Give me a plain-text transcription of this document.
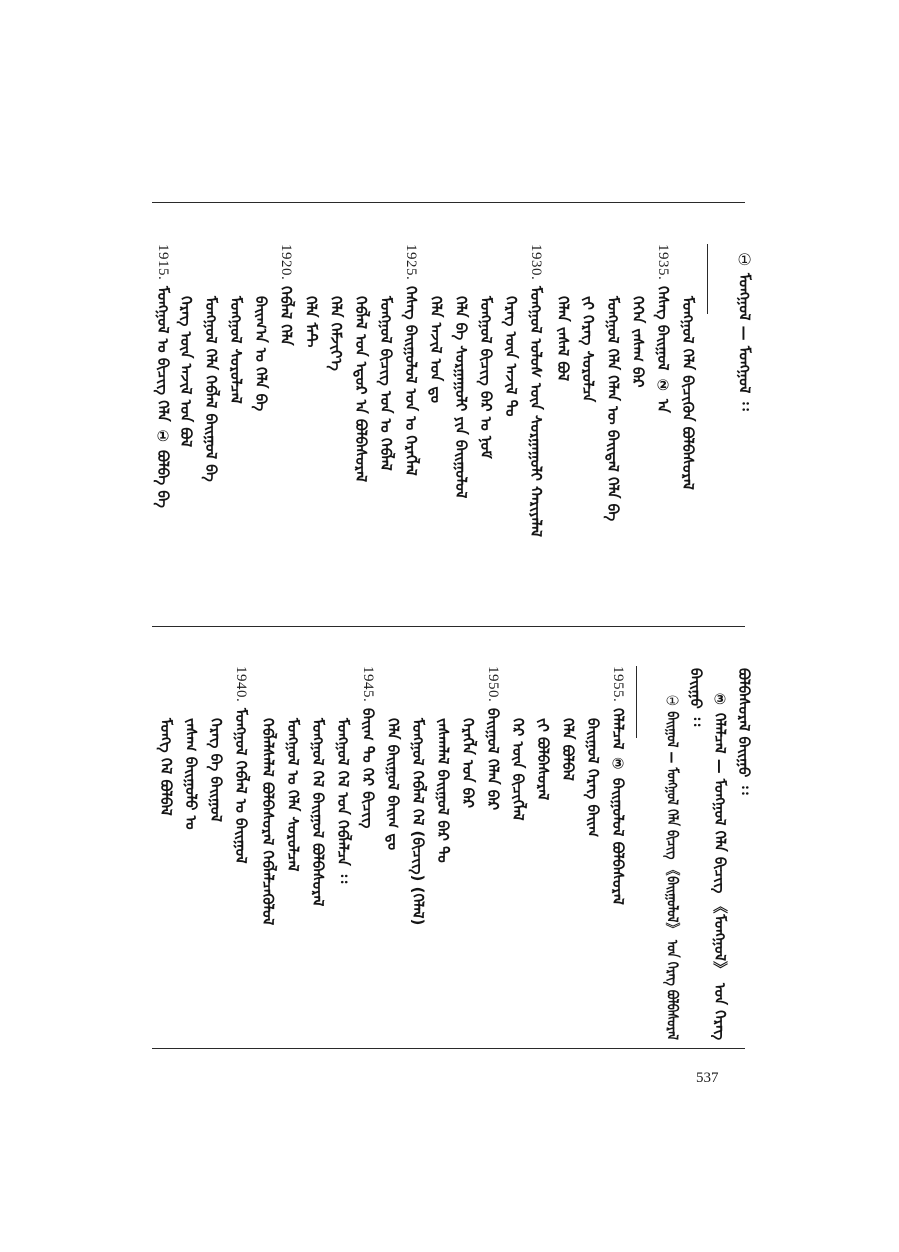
537
①
ᠮᠣᠩᠭᠣᠯ — ᠮᠣᠩᠭᠣᠯ ᠄᠄
ᠮᠣᠩᠭᠣᠯ ᠬᠡᠯᠡ ᠪᠢᠴᠢᠭ᠌ᠦᠨ ᠪᠣᠯᠪᠠᠰᠤᠷᠠᠯ
1935.
ᠬᠡᠰᠡᠭ ᠪᠠᠢᠭᠤᠯ ② ᠠ
ᠬᠡᠭᠡᠨ ᠵᠠᠰᠠᠭ ᠪᠠᠷ
ᠮᠣᠩᠭᠣᠯ ᠬᠡᠯᠡ ᠬᠡᠯᠡᠨ ᠦ ᠪᠠᠢᠳᠠᠯ ᠬᠡᠯᠡ ᠪᠡ
ᠵᠢ ᠬᠡᠷᠡᠭ ᠰᠤᠷᠤᠯᠴᠠ
ᠬᠡᠯᠡᠨ ᠵᠠᠰᠠᠯ ᠪᠣᠯ
1930.
ᠮᠣᠩᠭᠣᠯ ᠤᠯᠤᠰ ᠦᠨ ᠰᠤᠷᠭᠠᠭᠤᠯᠢ ᠬᠠᠷᠢᠶᠠᠯᠠᠯ
ᠬᠡᠷᠡᠭ ᠦᠨ ᠠᠵᠢᠯ ᠲᠤ
ᠮᠣᠩᠭᠣᠯ ᠪᠢᠴᠢᠭ ᠪᠠᠷ ᠤ ᠨᠣᠮ
ᠬᠡᠯᠡ ᠪᠡ ᠰᠤᠷᠭᠠᠭᠤᠯᠢ ᠶᠢᠨ ᠪᠠᠢᠭᠤᠯᠤᠯ
ᠬᠡᠯᠡ ᠠᠵᠢᠯ ᠤᠨ ᠳᠤ
1925.
ᠬᠡᠰᠡᠭ ᠪᠠᠢᠭᠤᠯᠤᠯ ᠤᠨ ᠤ ᠬᠡᠷᠡᠭᠯᠡᠯ
ᠮᠣᠩᠭᠣᠯ ᠪᠢᠴᠢᠭ ᠤᠨ ᠤ ᠬᠡᠪᠯᠡᠯ
ᠬᠡᠪᠯᠡᠯ ᠤᠨ ᠡᠳᠦᠷ ᠠ ᠪᠣᠯᠪᠠᠰᠤᠷᠠᠯ
ᠬᠡᠯᠡ ᠬᠡᠮᠵᠢᠶ᠎ᠡ
ᠬᠡᠯᠡ ᠮᠠᠲ
1920.
ᠬᠡᠪᠯᠡᠯ ᠬᠡᠯᠡ
ᠪᠠᠢᠭ᠎ᠠ ᠤ ᠬᠡᠯᠡ ᠪᠡ
ᠮᠣᠩᠭᠣᠯ ᠰᠤᠷᠤᠯᠴᠠᠯ
ᠮᠣᠩᠭᠣᠯ ᠬᠡᠯᠡ ᠬᠡᠪᠯᠡᠯ ᠪᠠᠢᠭᠤᠯ ᠪᠡ
ᠬᠡᠷᠡᠭ ᠦᠨ ᠠᠵᠢᠯ ᠤᠨ ᠪᠣᠯ
1915.
ᠮᠣᠩᠭᠣᠯ ᠤ ᠪᠢᠴᠢᠭ ᠬᠡᠯᠡ ① ᠪᠣᠯᠪᠠ ᠪᠡ
ᠪᠣᠯᠪᠠᠰᠤᠷᠠᠯ ᠪᠠᠢᠭᠤ ᠄᠄
③ ᠬᠡᠯᠡᠯᠴᠡᠯ — ᠮᠣᠩᠭᠣᠯ ᠬᠡᠯᠡ ᠪᠢᠴᠢᠭ 《ᠮᠣᠩᠭᠣᠯ》 ᠤᠨ ᠬᠡᠷᠡᠭ
ᠪᠠᠢᠭᠤ ᠄᠄
①
ᠪᠠᠢᠭᠤᠯ — ᠮᠣᠩᠭᠣᠯ ᠬᠡᠯᠡ ᠪᠢᠴᠢᠭ 《ᠪᠠᠢᠭᠤᠯᠤᠯ》 ᠤᠨ ᠬᠡᠷᠡᠭ ᠪᠣᠯᠪᠠᠰᠤᠷᠠᠯ
1955.
ᠬᠡᠯᠡᠯᠴᠡᠯ ③ ᠪᠠᠢᠭᠤᠯᠤᠯ ᠪᠣᠯᠪᠠᠰᠤᠷᠠᠯ
ᠪᠠᠢᠭᠤᠯ ᠬᠡᠷᠡᠭ ᠪᠠᠢᠭ
ᠬᠡᠯᠡ ᠪᠣᠯᠪᠠᠯ
ᠵᠢ ᠪᠣᠯᠪᠠᠰᠤᠷᠠᠯ
ᠬᠡᠷ ᠦᠨ ᠪᠢᠴᠢᠭᠯᠡᠯ
1950.
ᠪᠠᠢᠭᠤᠯ ᠬᠡᠯᠡᠨ ᠪᠠᠷ
ᠬᠡᠷᠡᠭᠯᠡ ᠤᠨ ᠪᠠᠷ
ᠵᠠᠰᠠᠭᠯᠠᠯ ᠪᠠᠢᠭᠤᠯ ᠪᠠᠷ ᠲᠤ
ᠮᠣᠩᠭᠣᠯ ᠬᠡᠪᠯᠡᠯ ᠬᠡᠯ (ᠪᠢᠴᠢᠭ) (ᠬᠡᠯᠡᠯ)
ᠬᠡᠯᠡ ᠪᠠᠢᠭᠤᠯ ᠪᠠᠢᠭ ᠳᠤ
1945.
ᠪᠠᠢᠭ ᠲᠤ ᠬᠡᠷ ᠪᠢᠴᠢᠭ
ᠮᠣᠩᠭᠣᠯ ᠬᠡᠯ ᠤᠨ ᠬᠡᠪᠯᠡᠯᠴᠡ ᠄᠄
ᠮᠣᠩᠭᠣᠯ ᠬᠡᠯ ᠪᠠᠢᠭᠤᠯ ᠪᠣᠯᠪᠠᠰᠤᠷᠠᠯ
ᠮᠣᠩᠭᠣᠯ ᠤ ᠬᠡᠯᠡ ᠰᠤᠷᠤᠯᠴᠠᠯ
ᠬᠡᠪᠯᠡᠯᠰᠡᠯᠡᠯ ᠪᠣᠯᠪᠠᠰᠤᠷᠠᠯ ᠬᠡᠪᠯᠡᠯᠴᠡᠭᠦᠯᠦᠯ
1940.
ᠮᠣᠩᠭᠣᠯ ᠬᠡᠪᠯᠡᠯ ᠤ ᠪᠠᠢᠭᠤᠯ
ᠬᠡᠷᠡᠭ ᠪᠡ ᠪᠠᠢᠭᠤᠯ
ᠵᠠᠰᠠᠭ ᠪᠠᠢᠭᠤᠯᠤ ᠤ
ᠮᠣᠩᠭ ᠬᠡᠯ ᠪᠣᠯᠪᠠᠯ
